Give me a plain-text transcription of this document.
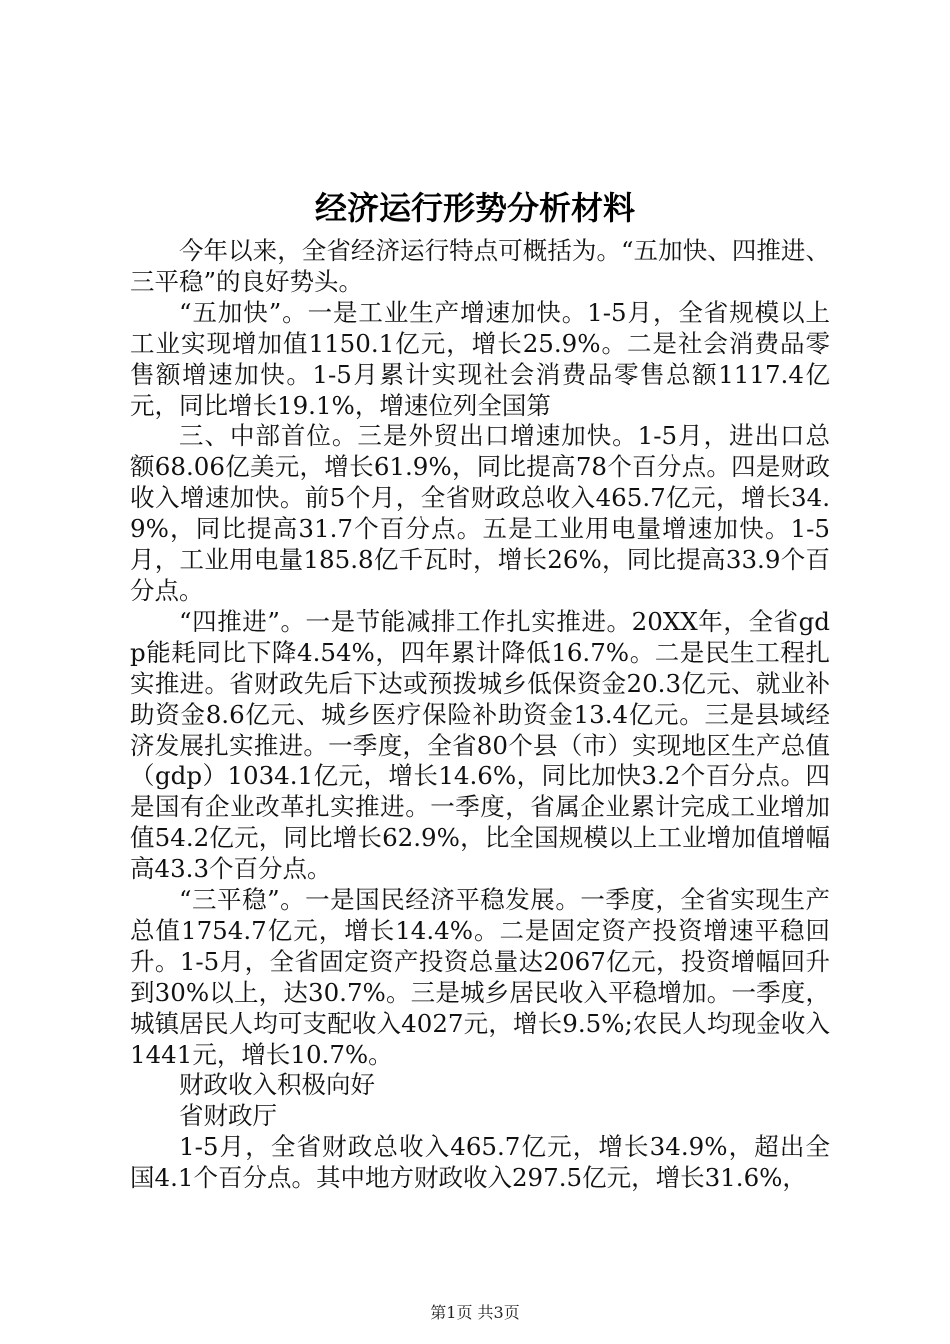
经济运行形势分析材料

今年以来，全省经济运行特点可概括为。“五加快、四推进、三平稳”的良好势头。

“五加快”。一是工业生产增速加快。1-5月，全省规模以上工业实现增加值1150.1亿元，增长25.9%。二是社会消费品零售额增速加快。1-5月累计实现社会消费品零售总额1117.4亿元，同比增长19.1%，增速位列全国第

三、中部首位。三是外贸出口增速加快。1-5月，进出口总额68.06亿美元，增长61.9%，同比提高78个百分点。四是财政收入增速加快。前5个月，全省财政总收入465.7亿元，增长34.9%，同比提高31.7个百分点。五是工业用电量增速加快。1-5月，工业用电量185.8亿千瓦时，增长26%，同比提高33.9个百分点。

“四推进”。一是节能减排工作扎实推进。20XX年，全省gdp能耗同比下降4.54%，四年累计降低16.7%。二是民生工程扎实推进。省财政先后下达或预拨城乡低保资金20.3亿元、就业补助资金8.6亿元、城乡医疗保险补助资金13.4亿元。三是县域经济发展扎实推进。一季度，全省80个县（市）实现地区生产总值（gdp）1034.1亿元，增长14.6%，同比加快3.2个百分点。四是国有企业改革扎实推进。一季度，省属企业累计完成工业增加值54.2亿元，同比增长62.9%，比全国规模以上工业增加值增幅高43.3个百分点。

“三平稳”。一是国民经济平稳发展。一季度，全省实现生产总值1754.7亿元，增长14.4%。二是固定资产投资增速平稳回升。1-5月，全省固定资产投资总量达2067亿元，投资增幅回升到30%以上，达30.7%。三是城乡居民收入平稳增加。一季度，城镇居民人均可支配收入4027元，增长9.5%;农民人均现金收入1441元，增长10.7%。

财政收入积极向好

省财政厅

1-5月，全省财政总收入465.7亿元，增长34.9%，超出全国4.1个百分点。其中地方财政收入297.5亿元，增长31.6%，

第1页 共3页
